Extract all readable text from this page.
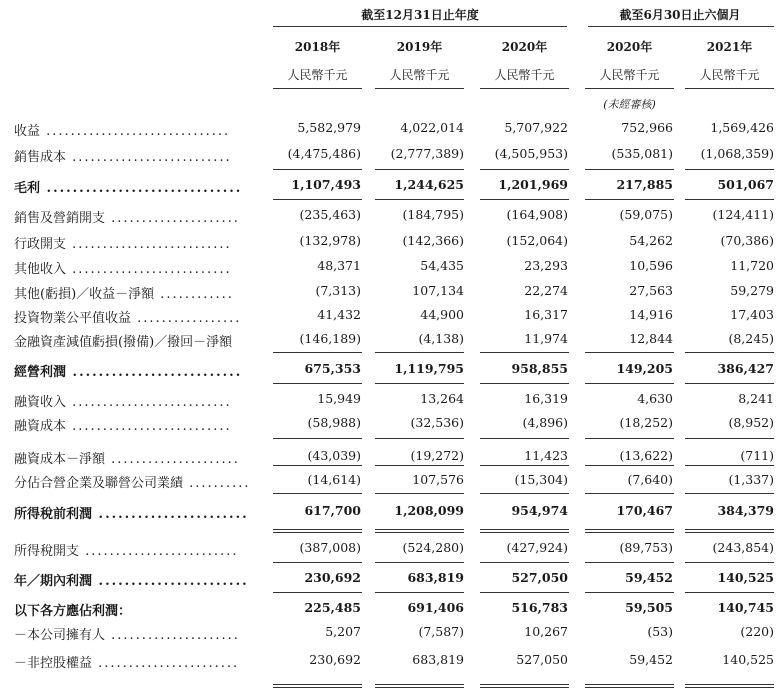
截至12月31日止年度	截至6月30日止六個月
2018年	2019年	2020年	2020年	2021年
人民幣千元	人民幣千元	人民幣千元	人民幣千元	人民幣千元
(未經審核)
收益 ..............................	5,582,979	4,022,014	5,707,922	752,966	1,569,426
銷售成本 ..........................	(4,475,486)	(2,777,389)	(4,505,953)	(535,081)	(1,068,359)
毛利 ..............................	1,107,493	1,244,625	1,201,969	217,885	501,067
銷售及營銷開支 .....................	(235,463)	(184,795)	(164,908)	(59,075)	(124,411)
行政開支 ..........................	(132,978)	(142,366)	(152,064)	54,262	(70,386)
其他收入 ..........................	48,371	54,435	23,293	10,596	11,720
其他(虧損)／收益－淨額 ............	(7,313)	107,134	22,274	27,563	59,279
投資物業公平值收益 .................	41,432	44,900	16,317	14,916	17,403
金融資產減值虧損(撥備)／撥回－淨額	(146,189)	(4,138)	11,974	12,844	(8,245)
經營利潤 ..........................	675,353	1,119,795	958,855	149,205	386,427
融資收入 ..........................	15,949	13,264	16,319	4,630	8,241
融資成本 ..........................	(58,988)	(32,536)	(4,896)	(18,252)	(8,952)
融資成本－淨額 .....................	(43,039)	(19,272)	11,423	(13,622)	(711)
分佔合營企業及聯營公司業績 ..........	(14,614)	107,576	(15,304)	(7,640)	(1,337)
所得稅前利潤 .......................	617,700	1,208,099	954,974	170,467	384,379
所得稅開支 .........................	(387,008)	(524,280)	(427,924)	(89,753)	(243,854)
年／期內利潤 .......................	230,692	683,819	527,050	59,452	140,525
以下各方應佔利潤：	225,485	691,406	516,783	59,505	140,745
－本公司擁有人 .....................	5,207	(7,587)	10,267	(53)	(220)
－非控股權益 .......................	230,692	683,819	527,050	59,452	140,525
